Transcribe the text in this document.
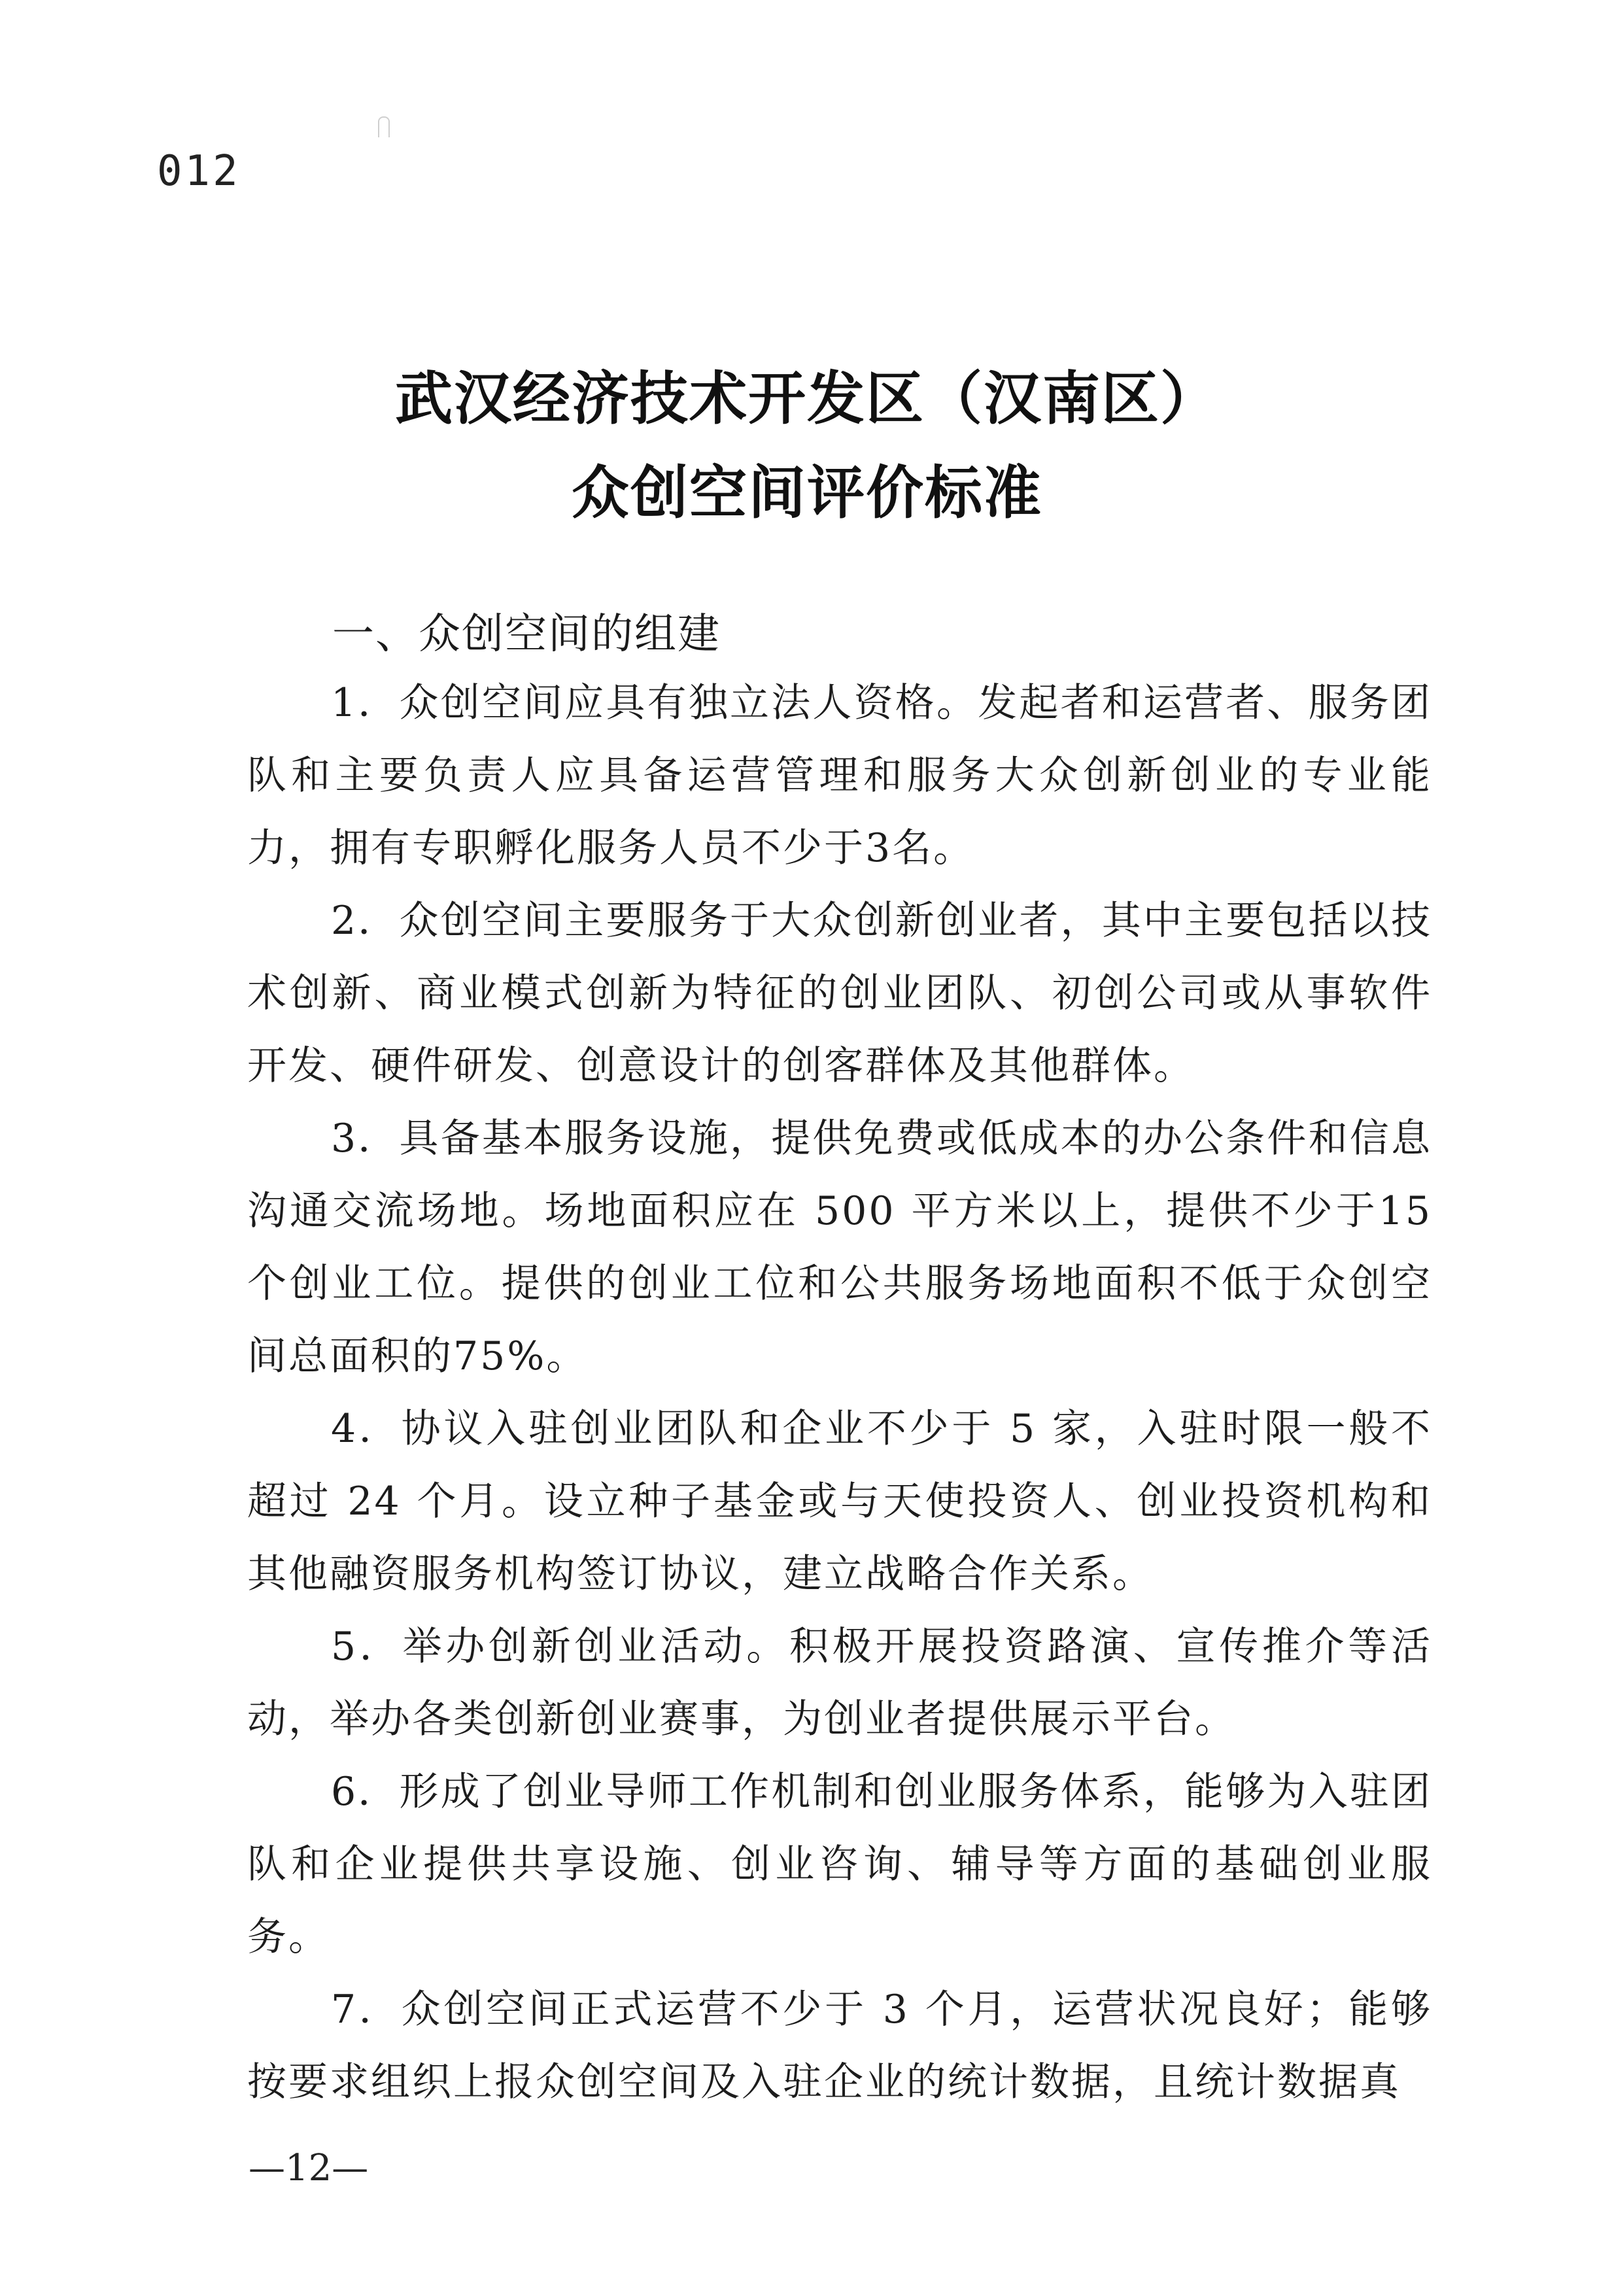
012
武汉经济技术开发区（汉南区）
众创空间评价标准
一、众创空间的组建

1．众创空间应具有独立法人资格。发起者和运营者、服务团队和主要负责人应具备运营管理和服务大众创新创业的专业能力，拥有专职孵化服务人员不少于3名。

2．众创空间主要服务于大众创新创业者，其中主要包括以技术创新、商业模式创新为特征的创业团队、初创公司或从事软件开发、硬件研发、创意设计的创客群体及其他群体。

3．具备基本服务设施，提供免费或低成本的办公条件和信息沟通交流场地。场地面积应在 500 平方米以上，提供不少于15 个创业工位。提供的创业工位和公共服务场地面积不低于众创空间总面积的75%。

4．协议入驻创业团队和企业不少于 5 家，入驻时限一般不超过 24 个月。设立种子基金或与天使投资人、创业投资机构和其他融资服务机构签订协议，建立战略合作关系。

5．举办创新创业活动。积极开展投资路演、宣传推介等活动，举办各类创新创业赛事，为创业者提供展示平台。

6．形成了创业导师工作机制和创业服务体系，能够为入驻团队和企业提供共享设施、创业咨询、辅导等方面的基础创业服务。

7．众创空间正式运营不少于 3 个月，运营状况良好；能够按要求组织上报众创空间及入驻企业的统计数据，且统计数据真

—12—
